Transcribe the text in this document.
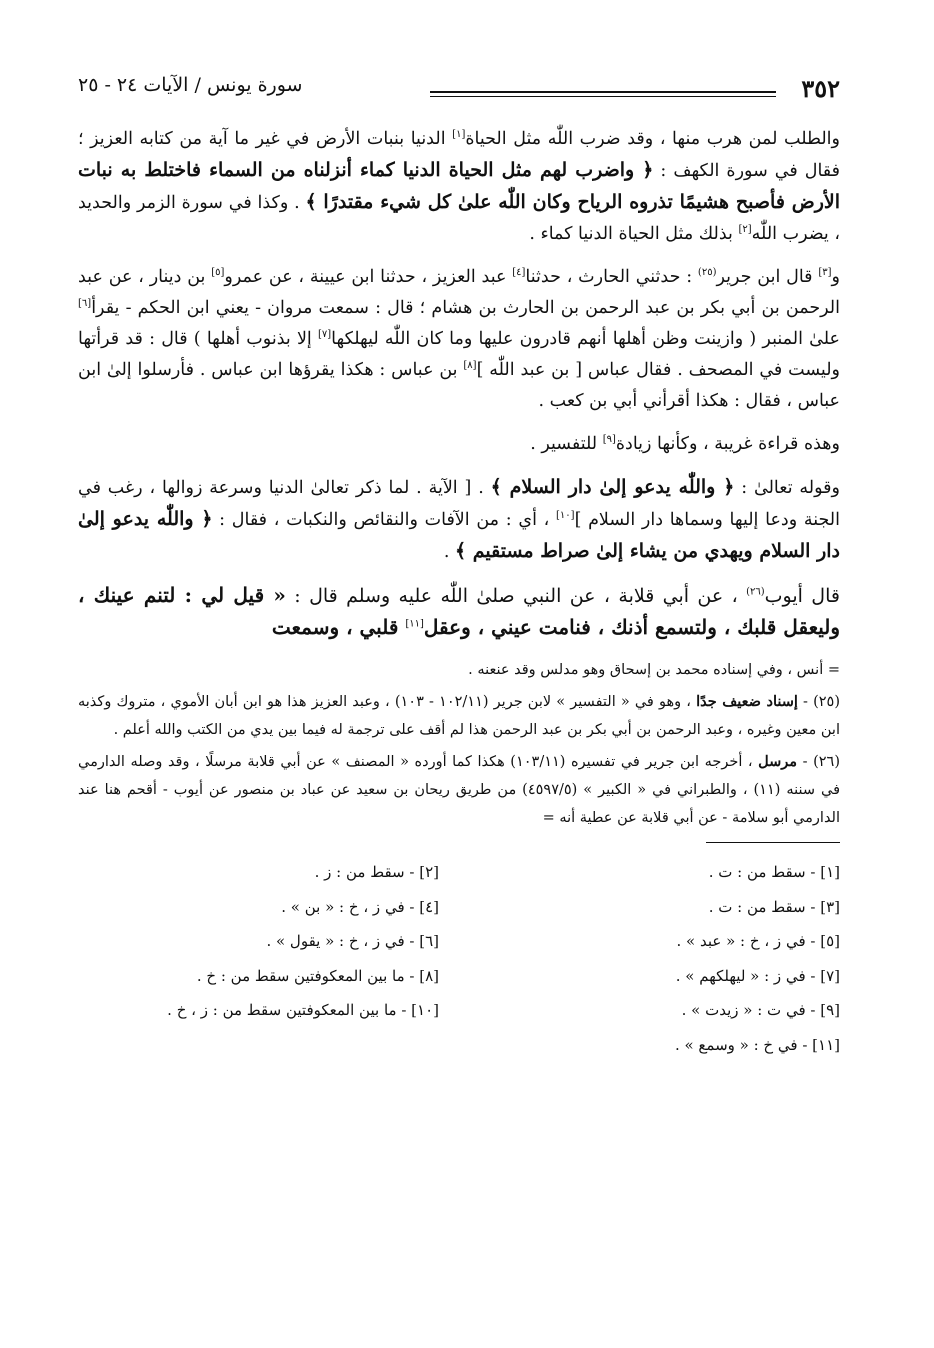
٣٥٢
سورة يونس / الآيات ٢٤ - ٢٥

والطلب لمن هرب منها ، وقد ضرب اللّٰه مثل الحياة[١] الدنيا بنبات الأرض في غير ما آية من كتابه العزيز ؛ فقال في سورة الكهف : ﴿ واضرب لهم مثل الحياة الدنيا كماء أنزلناه من السماء فاختلط به نبات الأرض فأصبح هشيمًا تذروه الرياح وكان اللّٰه علىٰ كل شيء مقتدرًا ﴾ . وكذا في سورة الزمر والحديد ، يضرب اللّٰه[٢] بذلك مثل الحياة الدنيا كماء .

و[٣] قال ابن جرير$^{(٢٥)}$ : حدثني الحارث ، حدثنا[٤] عبد العزيز ، حدثنا ابن عيينة ، عن عمرو[٥] بن دينار ، عن عبد الرحمن بن أبي بكر بن عبد الرحمن بن الحارث بن هشام ؛ قال : سمعت مروان - يعني ابن الحكم - يقرأ[٦] علىٰ المنبر ( وازينت وظن أهلها أنهم قادرون عليها وما كان اللّٰه ليهلكها[٧] إلا بذنوب أهلها ) قال : قد قرأتها وليست في المصحف . فقال عباس [ بن عبد اللّٰه ][٨] بن عباس : هكذا يقرؤها ابن عباس . فأرسلوا إلىٰ ابن عباس ، فقال : هكذا أقرأني أبي بن كعب .

وهذه قراءة غريبة ، وكأنها زيادة[٩] للتفسير .

وقوله تعالىٰ : ﴿ واللّٰه يدعو إلىٰ دار السلام ﴾ . [ الآية . لما ذكر تعالىٰ الدنيا وسرعة زوالها ، رغب في الجنة ودعا إليها وسماها دار السلام ][١٠] ، أي : من الآفات والنقائص والنكبات ، فقال : ﴿ واللّٰه يدعو إلىٰ دار السلام ويهدي من يشاء إلىٰ صراط مستقيم ﴾ .

قال أيوب$^{(٢٦)}$ ، عن أبي قلابة ، عن النبي صلىٰ اللّٰه عليه وسلم قال : « قيل لي : لتنم عينك ، وليعقل قلبك ، ولتسمع أذنك ، فنامت عيني ، وعقل[١١] قلبي ، وسمعت

= أنس ، وفي إسناده محمد بن إسحاق وهو مدلس وقد عنعنه .

(٢٥) - إسناد ضعيف جدًا ، وهو في « التفسير » لابن جرير (١٠٢/١١ - ١٠٣) ، وعبد العزيز هذا هو ابن أبان الأموي ، متروك وكذبه ابن معين وغيره ، وعبد الرحمن بن أبي بكر بن عبد الرحمن هذا لم أقف على ترجمة له فيما بين يدي من الكتب والله أعلم .

(٢٦) - مرسل ، أخرجه ابن جرير في تفسيره (١٠٣/١١) هكذا كما أورده « المصنف » عن أبي قلابة مرسلًا ، وقد وصله الدارمي في سننه (١١) ، والطبراني في « الكبير » (٤٥٩٧/٥) من طريق ريحان بن سعيد عن عباد بن منصور عن أيوب - أقحم هنا عند الدارمي أبو سلامة - عن أبي قلابة عن عطية أنه =

[١] - سقط من : ت .
[٢] - سقط من : ز .
[٣] - سقط من : ت .
[٤] - في ز ، خ : « بن » .
[٥] - في ز ، خ : « عبد » .
[٦] - في ز ، خ : « يقول » .
[٧] - في ز : « ليهلكهم » .
[٨] - ما بين المعكوفتين سقط من : خ .
[٩] - في ت : « زيدت » .
[١٠] - ما بين المعكوفتين سقط من : ز ، خ .
[١١] - في خ : « وسمع » .
